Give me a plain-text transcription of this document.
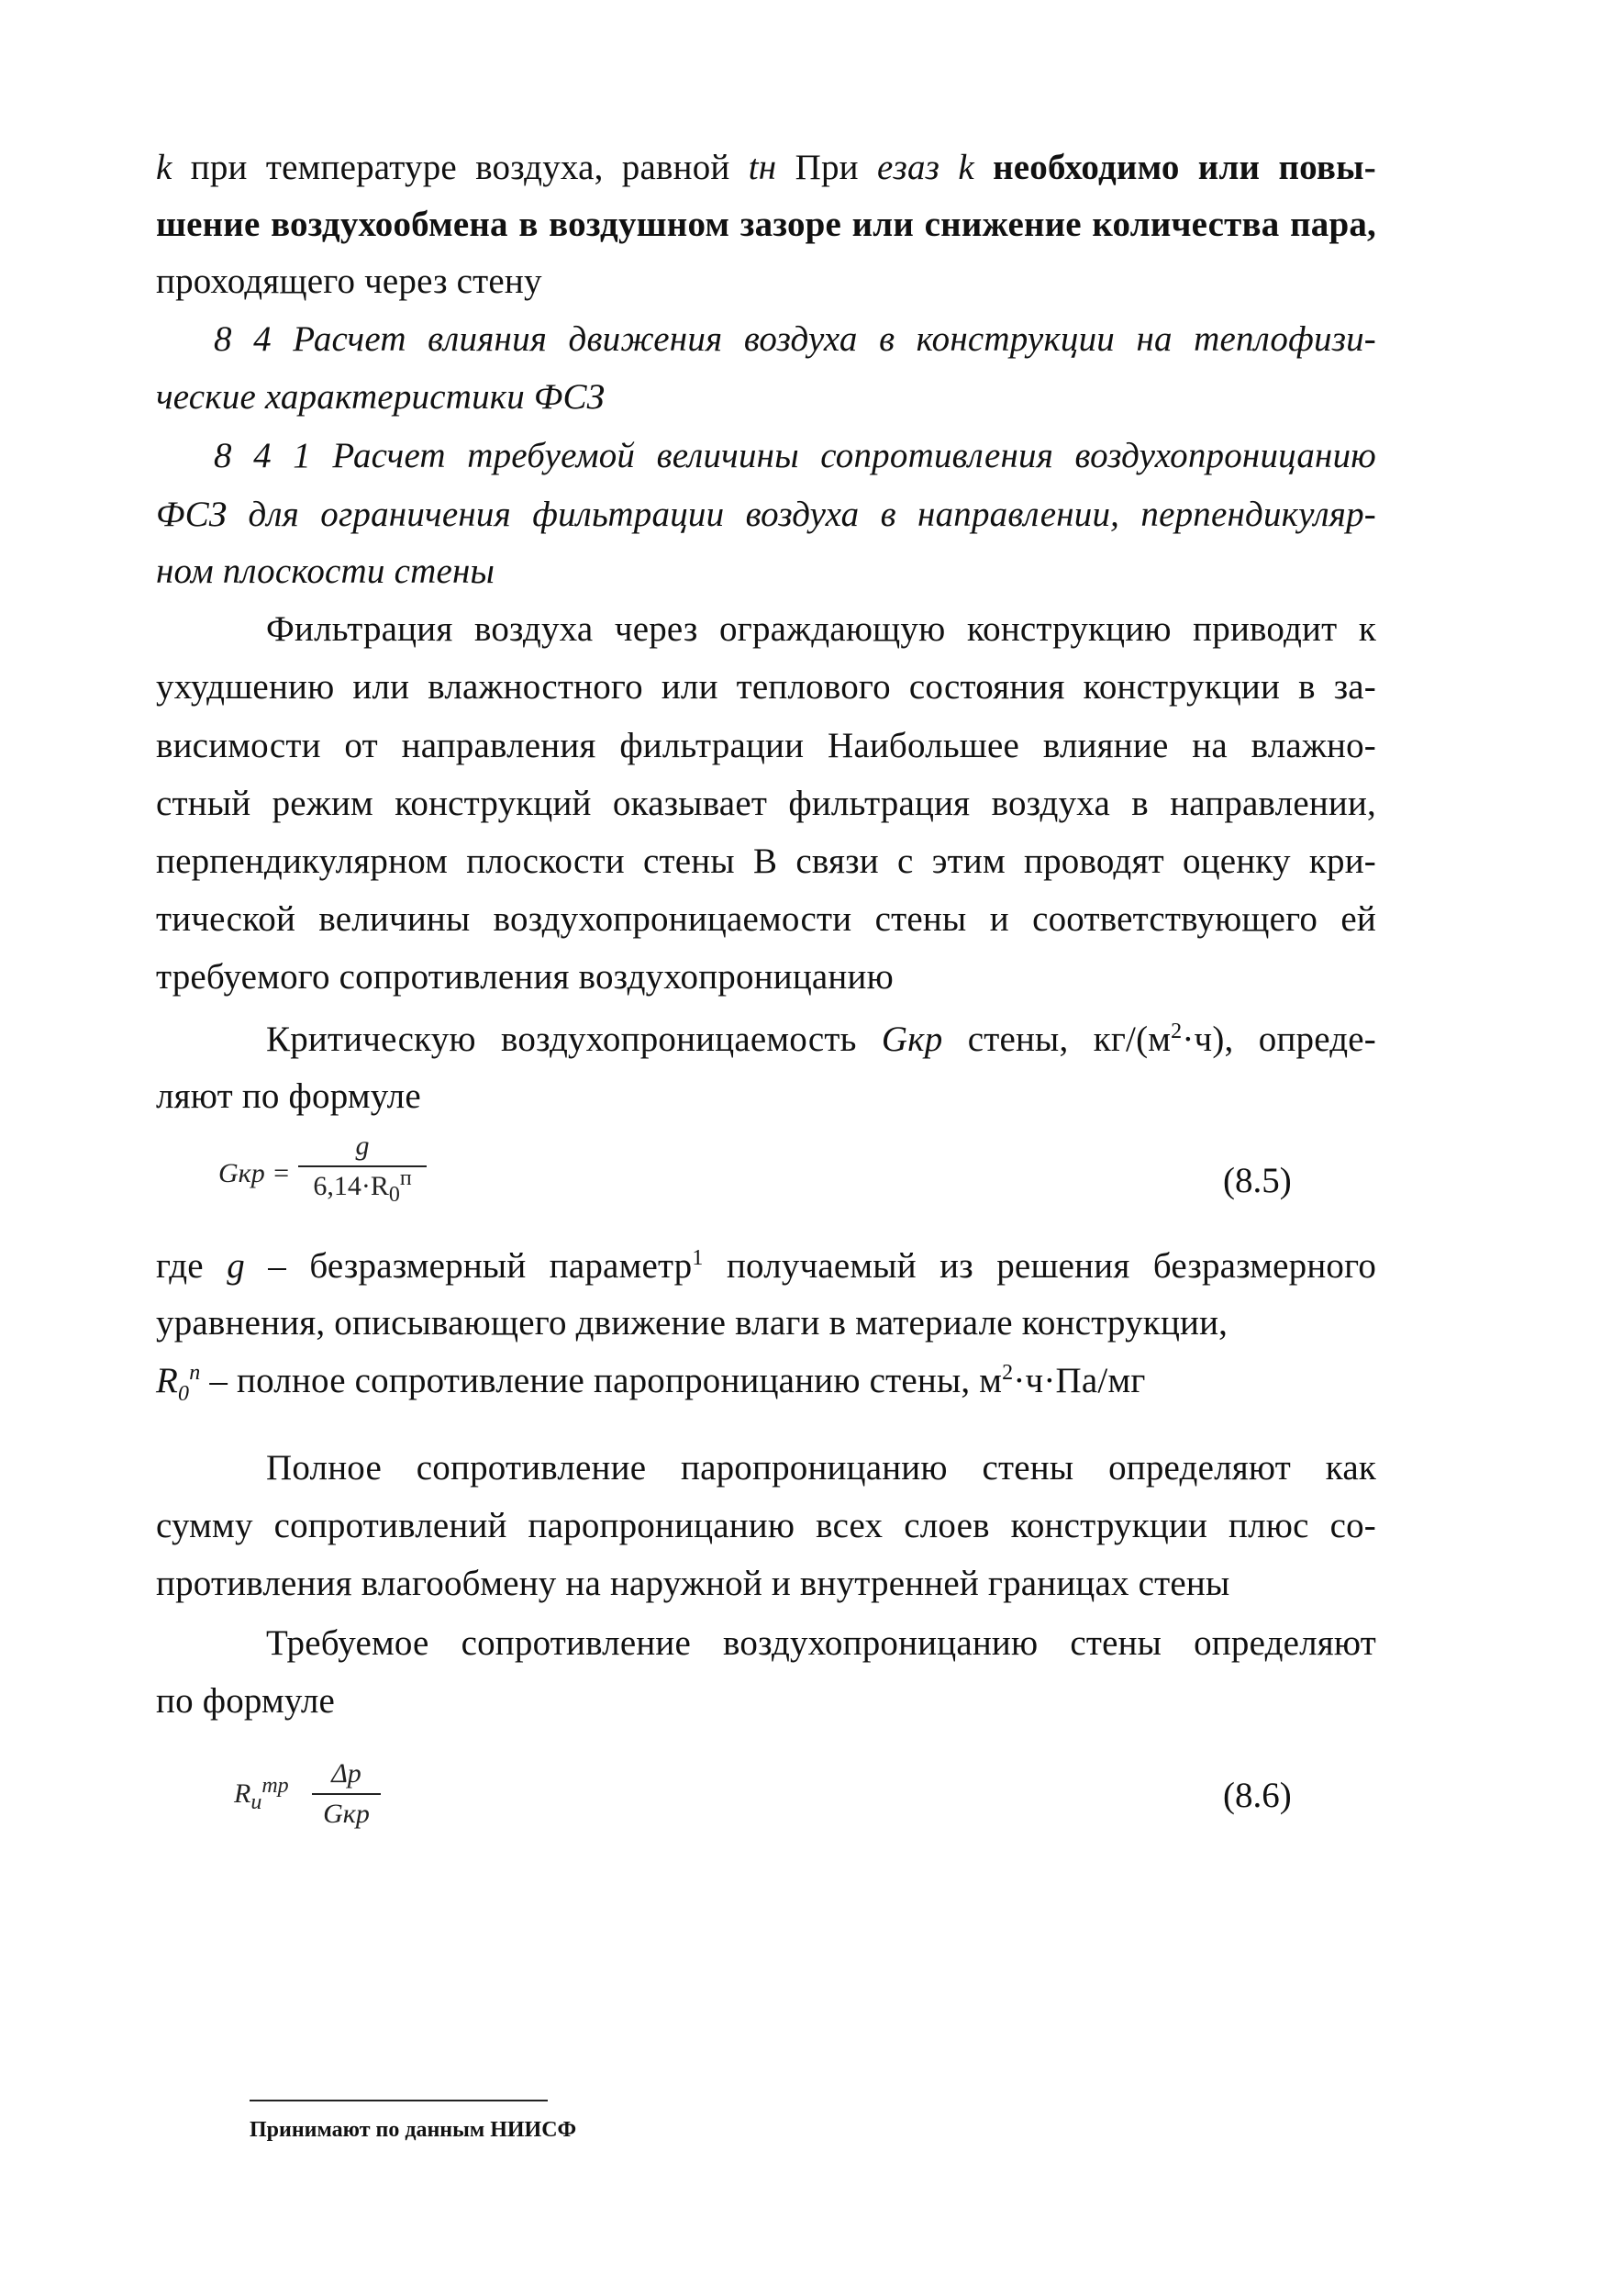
k при температуре воздуха, равной tн При eзаз k необходимо или повы-
шение воздухообмена в воздушном зазоре или снижение количества пара,
проходящего через стену
8 4 Расчет влияния движения воздуха в конструкции на теплофизи-
ческие характеристики ФСЗ
8 4 1 Расчет требуемой величины сопротивления воздухопроницанию
ФСЗ для ограничения фильтрации воздуха в направлении, перпендикуляр-
ном плоскости стены
Фильтрация воздуха через ограждающую конструкцию приводит к
ухудшению или влажностного или теплового состояния конструкции в за-
висимости от направления фильтрации Наибольшее влияние на влажно-
стный режим конструкций оказывает фильтрация воздуха в направлении,
перпендикулярном плоскости стены В связи с этим проводят оценку кри-
тической величины воздухопроницаемости стены и соответствующего ей
требуемого сопротивления воздухопроницанию
Критическую воздухопроницаемость Gкр стены, $кг/(м^2\cdot ч)$, опреде-
ляют по формуле
Gкр =
g
$6,14\cdot R_0^п$	(8.5)
где g – безразмерный параметр$^1$ получаемый из решения безразмерного
уравнения, описывающего движение влаги в материале конструкции,
$R_0^п$ – полное сопротивление паропроницанию стены, $м^2\cdot ч\cdot Па/мг$
Полное сопротивление паропроницанию стены определяют как
сумму сопротивлений паропроницанию всех слоев конструкции плюс со-
противления влагообмену на наружной и внутренней границах стены
Требуемое сопротивление воздухопроницанию стены определяют
по формуле
$R_и^{тр}$	Δp
Gкр	(8.6)
Принимают по данным НИИСФ
